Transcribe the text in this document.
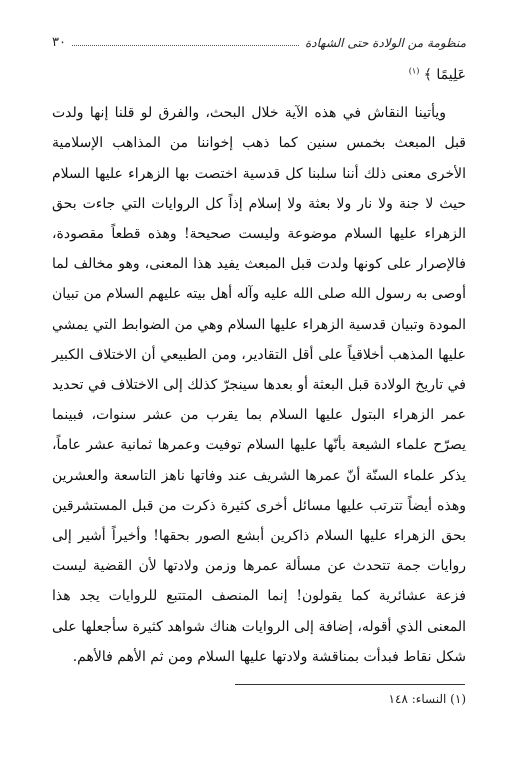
٣٠	منظومة من الولادة حتى الشهادة

عَلِيمًا ﴾ $^{(١)}$

ويأتينا النقاش في هذه الآية خلال البحث، والفرق لو قلنا إنها ولدت قبل المبعث بخمس سنين كما ذهب إخواننا من المذاهب الإسلامية الأخرى معنى ذلك أننا سلبنا كل قدسية اختصت بها الزهراء عليها السلام حيث لا جنة ولا نار ولا بعثة ولا إسلام إذاً كل الروايات التي جاءت بحق الزهراء عليها السلام موضوعة وليست صحيحة! وهذه قطعاً مقصودة، فالإصرار على كونها ولدت قبل المبعث يفيد هذا المعنى، وهو مخالف لما أوصى به رسول الله صلى الله عليه وآله أهل بيته عليهم السلام من تبيان المودة وتبيان قدسية الزهراء عليها السلام وهي من الضوابط التي يمشي عليها المذهب أخلاقياً على أقل التقادير، ومن الطبيعي أن الاختلاف الكبير في تاريخ الولادة قبل البعثة أو بعدها سينجرّ كذلك إلى الاختلاف في تحديد عمر الزهراء البتول عليها السلام بما يقرب من عشر سنوات، فبينما يصرّح علماء الشيعة بأنّها عليها السلام توفيت وعمرها ثمانية عشر عاماً، يذكر علماء السنّة أنّ عمرها الشريف عند وفاتها ناهز التاسعة والعشرين وهذه أيضاً تترتب عليها مسائل أخرى كثيرة ذكرت من قبل المستشرقين بحق الزهراء عليها السلام ذاكرين أبشع الصور بحقها! وأخيراً أشير إلى روايات جمة تتحدث عن مسألة عمرها وزمن ولادتها لأن القضية ليست فزعة عشائرية كما يقولون! إنما المنصف المتتبع للروايات يجد هذا المعنى الذي أقوله، إضافة إلى الروايات هناك شواهد كثيرة سأجعلها على شكل نقاط فبدأت بمناقشة ولادتها عليها السلام ومن ثم الأهم فالأهم.

(١) النساء: ١٤٨
